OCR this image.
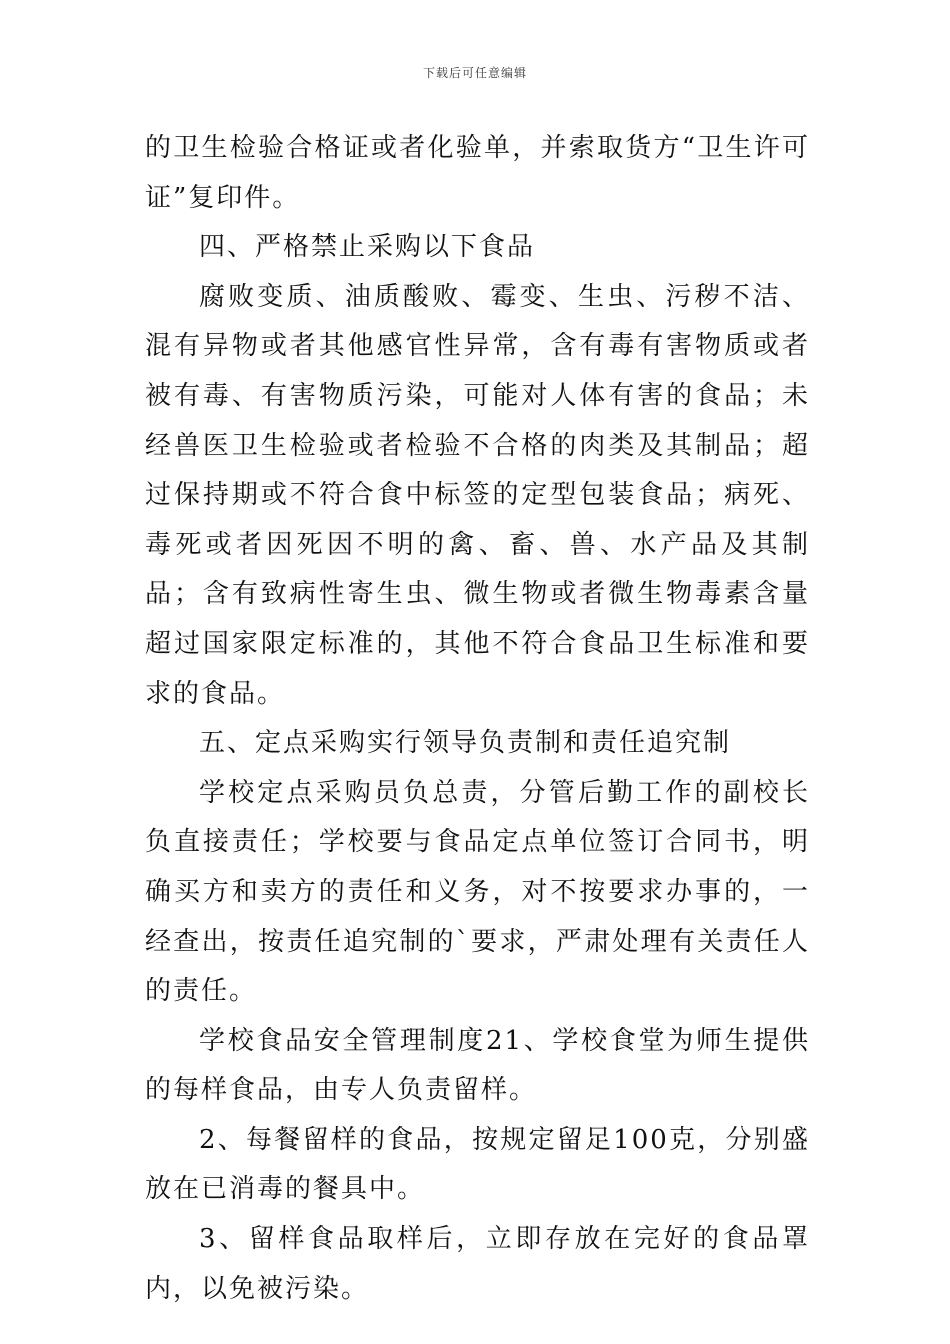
下载后可任意编辑

的卫生检验合格证或者化验单，并索取货方“卫生许可证”复印件。

四、严格禁止采购以下食品

腐败变质、油质酸败、霉变、生虫、污秽不洁、混有异物或者其他感官性异常，含有毒有害物质或者被有毒、有害物质污染，可能对人体有害的食品；未经兽医卫生检验或者检验不合格的肉类及其制品；超过保持期或不符合食中标签的定型包装食品；病死、毒死或者因死因不明的禽、畜、兽、水产品及其制品；含有致病性寄生虫、微生物或者微生物毒素含量超过国家限定标准的，其他不符合食品卫生标准和要求的食品。

五、定点采购实行领导负责制和责任追究制

学校定点采购员负总责，分管后勤工作的副校长负直接责任；学校要与食品定点单位签订合同书，明确买方和卖方的责任和义务，对不按要求办事的，一经查出，按责任追究制的`要求，严肃处理有关责任人的责任。

学校食品安全管理制度21、学校食堂为师生提供的每样食品，由专人负责留样。

2、每餐留样的食品，按规定留足100克，分别盛放在已消毒的餐具中。

3、留样食品取样后，立即存放在完好的食品罩内，以免被污染。
